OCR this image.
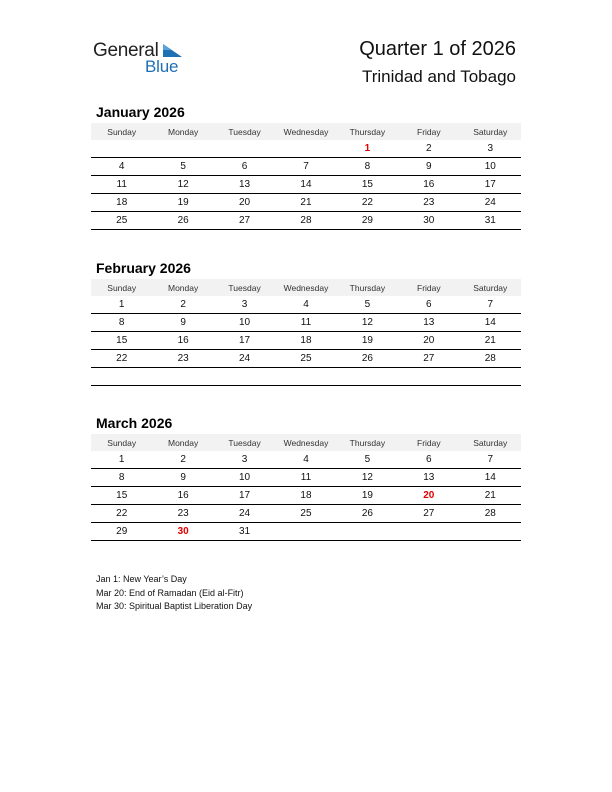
General
Blue
Quarter 1 of 2026
Trinidad and Tobago
January 2026
Sunday	Monday	Tuesday	Wednesday	Thursday	Friday	Saturday
				1	2	3
4	5	6	7	8	9	10
11	12	13	14	15	16	17
18	19	20	21	22	23	24
25	26	27	28	29	30	31
February 2026
Sunday	Monday	Tuesday	Wednesday	Thursday	Friday	Saturday
1	2	3	4	5	6	7
8	9	10	11	12	13	14
15	16	17	18	19	20	21
22	23	24	25	26	27	28

March 2026
Sunday	Monday	Tuesday	Wednesday	Thursday	Friday	Saturday
1	2	3	4	5	6	7
8	9	10	11	12	13	14
15	16	17	18	19	20	21
22	23	24	25	26	27	28
29	30	31				
Jan 1: New Year’s Day
Mar 20: End of Ramadan (Eid al-Fitr)
Mar 30: Spiritual Baptist Liberation Day
